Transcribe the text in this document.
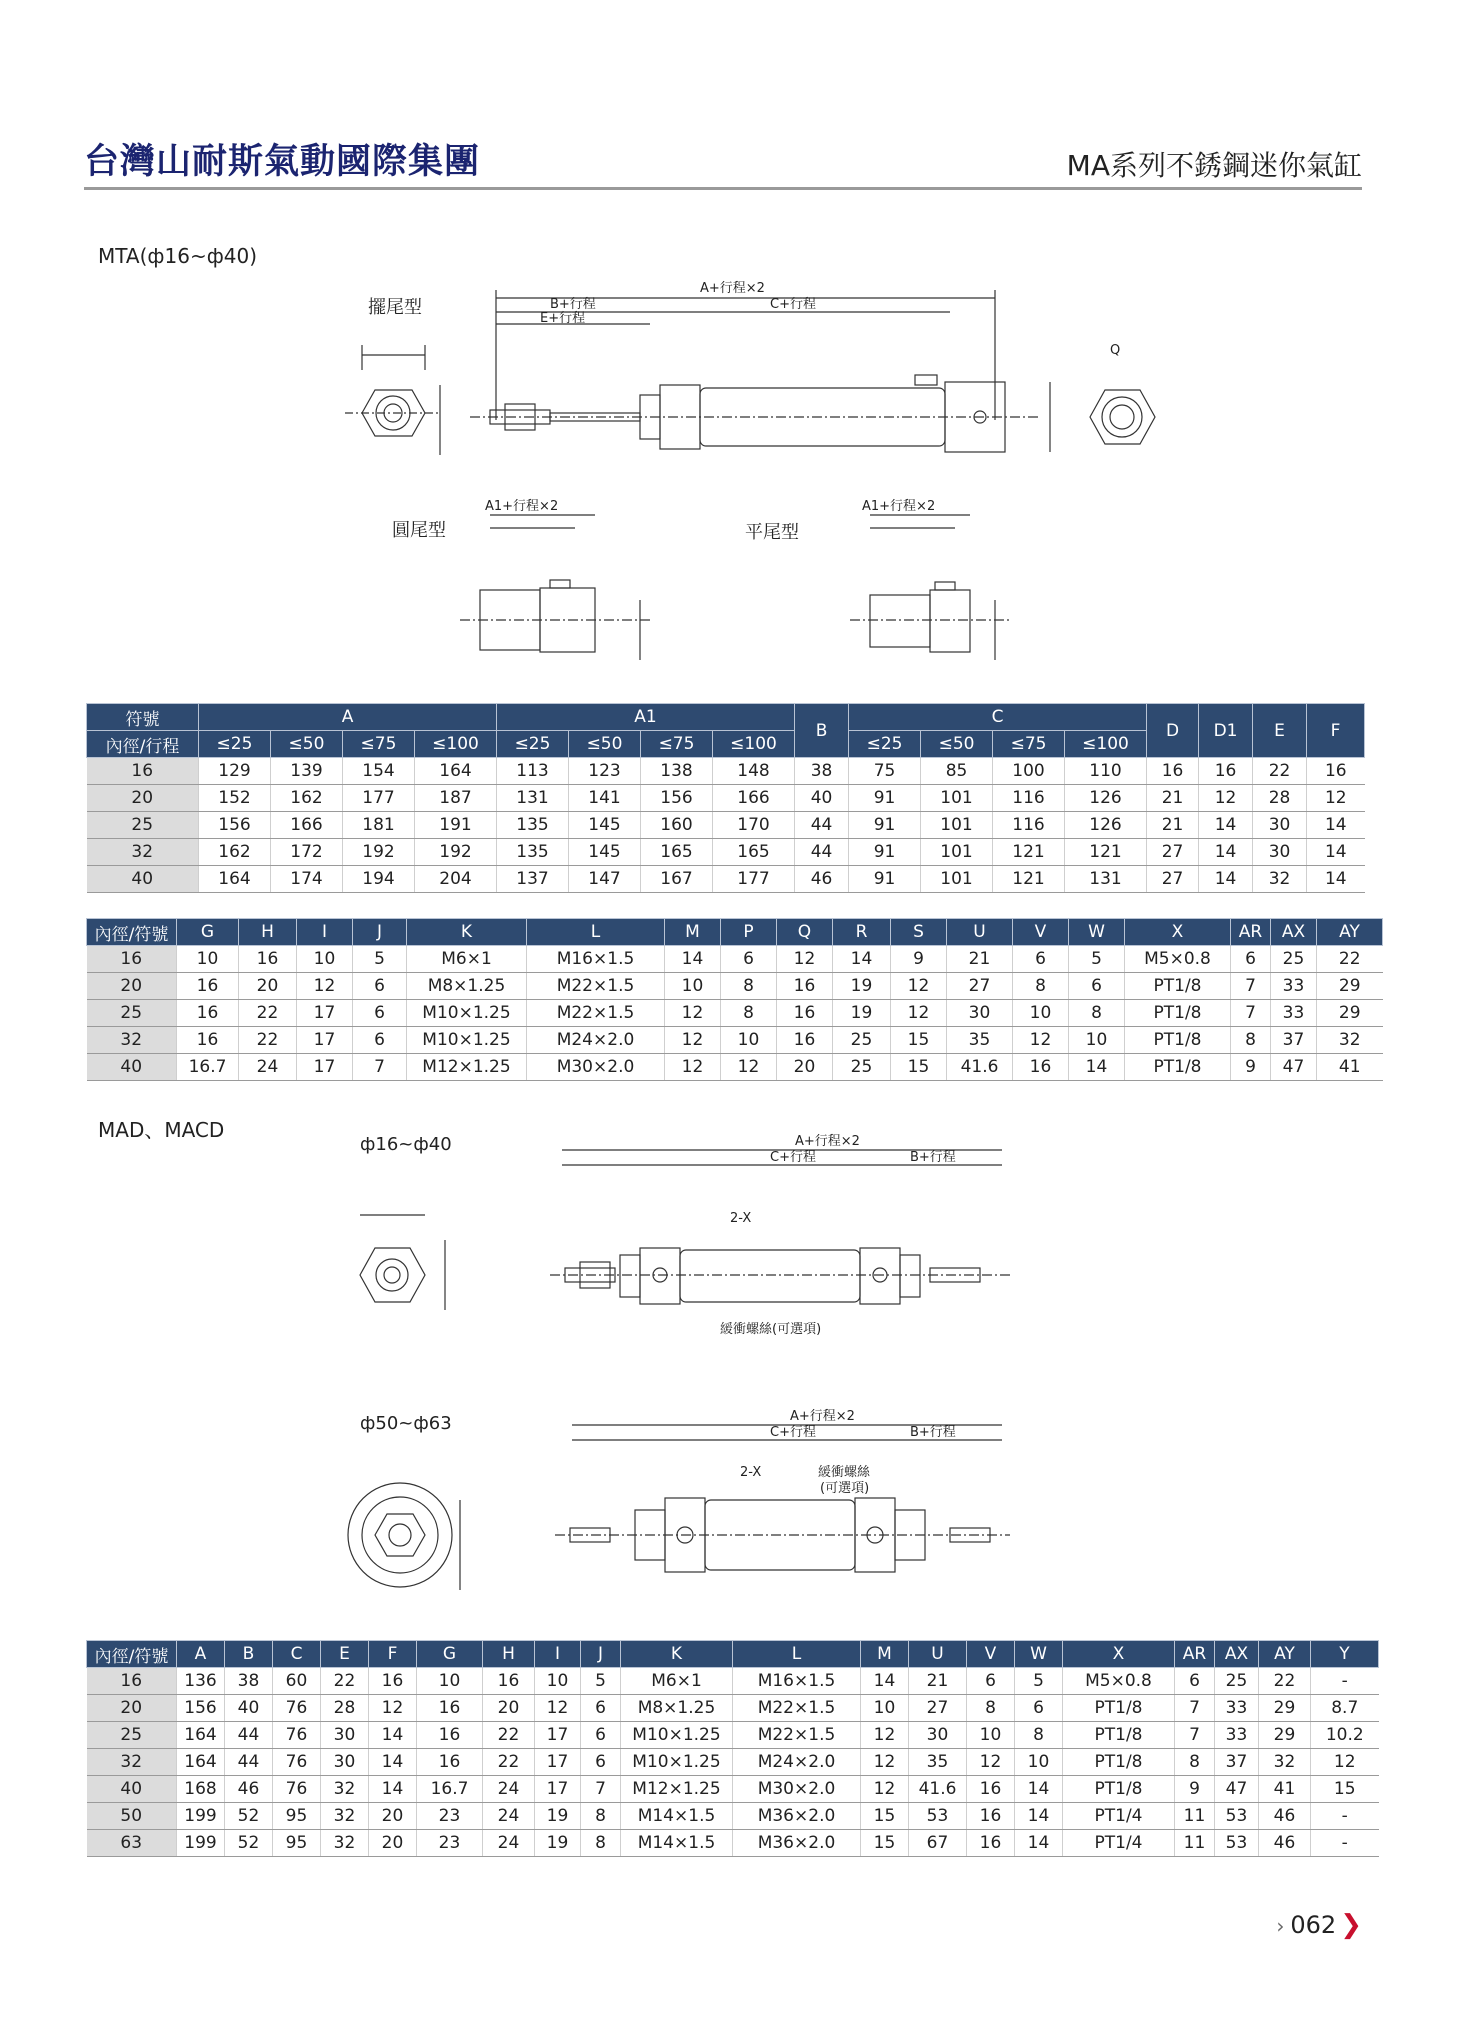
台灣山耐斯氣動國際集團	MA系列不銹鋼迷你氣缸
MTA(ф16~ф40)
擺尾型
圓尾型	平尾型
A+行程×2
B+行程	C+行程
E+行程
Q
A1+行程×2	A1+行程×2
符號	A				A1				B	C				D	D1	E	F
內徑/行程	≤25	≤50	≤75	≤100	≤25	≤50	≤75	≤100		≤25	≤50	≤75	≤100				
16	129	139	154	164	113	123	138	148	38	75	85	100	110	16	16	22	16
20	152	162	177	187	131	141	156	166	40	91	101	116	126	21	12	28	12
25	156	166	181	191	135	145	160	170	44	91	101	116	126	21	14	30	14
32	162	172	192	192	135	145	165	165	44	91	101	121	121	27	14	30	14
40	164	174	194	204	137	147	167	177	46	91	101	121	131	27	14	32	14
內徑/符號	G	H	I	J	K	L	M	P	Q	R	S	U	V	W	X	AR	AX	AY
16	10	16	10	5	M6×1	M16×1.5	14	6	12	14	9	21	6	5	M5×0.8	6	25	22
20	16	20	12	6	M8×1.25	M22×1.5	10	8	16	19	12	27	8	6	PT1/8	7	33	29
25	16	22	17	6	M10×1.25	M22×1.5	12	8	16	19	12	30	10	8	PT1/8	7	33	29
32	16	22	17	6	M10×1.25	M24×2.0	12	10	16	25	15	35	12	10	PT1/8	8	37	32
40	16.7	24	17	7	M12×1.25	M30×2.0	12	12	20	25	15	41.6	16	14	PT1/8	9	47	41
MAD、MACD
ф16~ф40
ф50~ф63
A+行程×2
C+行程	B+行程
2-X
緩衝螺絲(可選項)
A+行程×2
C+行程	B+行程
2-X	緩衝螺絲
(可選項)
內徑/符號	A	B	C	E	F	G	H	I	J	K	L	M	U	V	W	X	AR	AX	AY	Y
16	136	38	60	22	16	10	16	10	5	M6×1	M16×1.5	14	21	6	5	M5×0.8	6	25	22	-
20	156	40	76	28	12	16	20	12	6	M8×1.25	M22×1.5	10	27	8	6	PT1/8	7	33	29	8.7
25	164	44	76	30	14	16	22	17	6	M10×1.25	M22×1.5	12	30	10	8	PT1/8	7	33	29	10.2
32	164	44	76	30	14	16	22	17	6	M10×1.25	M24×2.0	12	35	12	10	PT1/8	8	37	32	12
40	168	46	76	32	14	16.7	24	17	7	M12×1.25	M30×2.0	12	41.6	16	14	PT1/8	9	47	41	15
50	199	52	95	32	20	23	24	19	8	M14×1.5	M36×2.0	15	53	16	14	PT1/4	11	53	46	-
63	199	52	95	32	20	23	24	19	8	M14×1.5	M36×2.0	15	67	16	14	PT1/4	11	53	46	-
› 062 ❯
